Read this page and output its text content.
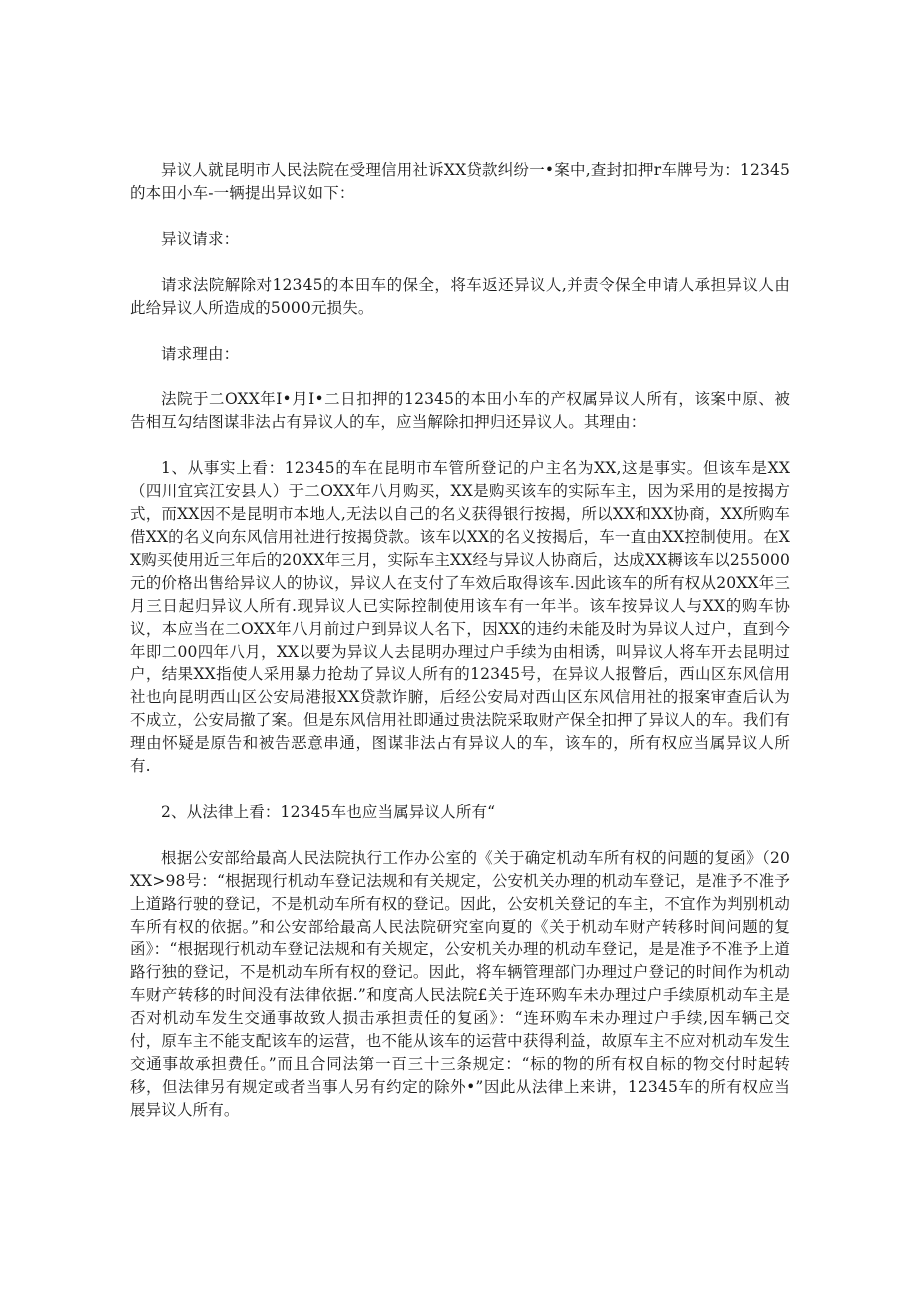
异议人就昆明市人民法院在受理信用社诉XX贷款纠纷一•案中,查封扣押r车牌号为：12345的本田小车-一辆提出异议如下：

异议请求：

请求法院解除对12345的本田车的保全，将车返还异议人,并责令保全申请人承担异议人由此给异议人所造成的5000元损失。

请求理由：

法院于二OXX年I•月I•二日扣押的12345的本田小车的产权属异议人所有，该案中原、被告相互勾结图谋非法占有异议人的车，应当解除扣押归还异议人。其理由：

1、从事实上看：12345的车在昆明市车管所登记的户主名为XX,这是事实。但该车是XX（四川宜宾江安县人）于二OXX年八月购买，XX是购买该车的实际车主，因为采用的是按揭方式，而XX因不是昆明市本地人,无法以自己的名义获得银行按揭，所以XX和XX协商，XX所购车借XX的名义向东风信用社进行按揭贷款。该车以XX的名义按揭后，车一直由XX控制使用。在XX购买使用近三年后的20XX年三月，实际车主XX经与异议人协商后，达成XX耨该车以255000元的价格出售给异议人的协议，异议人在支付了车效后取得该车.因此该车的所有权从20XX年三月三日起归异议人所有.现异议人已实际控制使用该车有一年半。该车按异议人与XX的购车协议，本应当在二OXX年八月前过户到异议人名下，因XX的违约未能及时为异议人过户，直到今年即二00四年八月，XX以要为异议人去昆明办理过户手续为由相诱，叫异议人将车开去昆明过户，结果XX指使人采用暴力抢劫了异议人所有的12345号，在异议人报瞥后，西山区东风信用社也向昆明西山区公安局港报XX贷款诈腑，后经公安局对西山区东风信用社的报案审查后认为不成立，公安局撤了案。但是东风信用社即通过贵法院采取财产保全扣押了异议人的车。我们有理由怀疑是原告和被告恶意串通，图谋非法占有异议人的车，该车的，所有权应当属异议人所有.

2、从法律上看：12345车也应当属异议人所有“

根据公安部给最高人民法院执行工作办公室的《关于确定机动车所有权的问题的复函》（20XX>98号：“根据现行机动车登记法规和有关规定，公安机关办理的机动车登记，是准予不准予上道路行驶的登记，不是机动车所有权的登记。因此，公安机关登记的车主，不宜作为判别机动车所有权的依据。”和公安部给最高人民法院研究室向夏的《关于机动车财产转移时间问题的复函》：“根据现行机动车登记法规和有关规定，公安机关办理的机动车登记，是是准予不准予上道路行独的登记，不是机动车所有权的登记。因此，将车辆管理部门办理过户登记的时间作为机动车财产转移的时间没有法律依据.”和度高人民法院£关于连环购车未办理过户手续原机动车主是否对机动车发生交通事故致人损击承担责任的复函》：“连环购车未办理过户手续,因车辆己交付，原车主不能支配该车的运营，也不能从该车的运营中获得利益，故原车主不应对机动车发生交通事故承担费任。”而且合同法第一百三十三条规定：“标的物的所有权自标的物交付时起转移，但法律另有规定或者当事人另有约定的除外•”因此从法律上来讲，12345车的所有权应当展异议人所有。
